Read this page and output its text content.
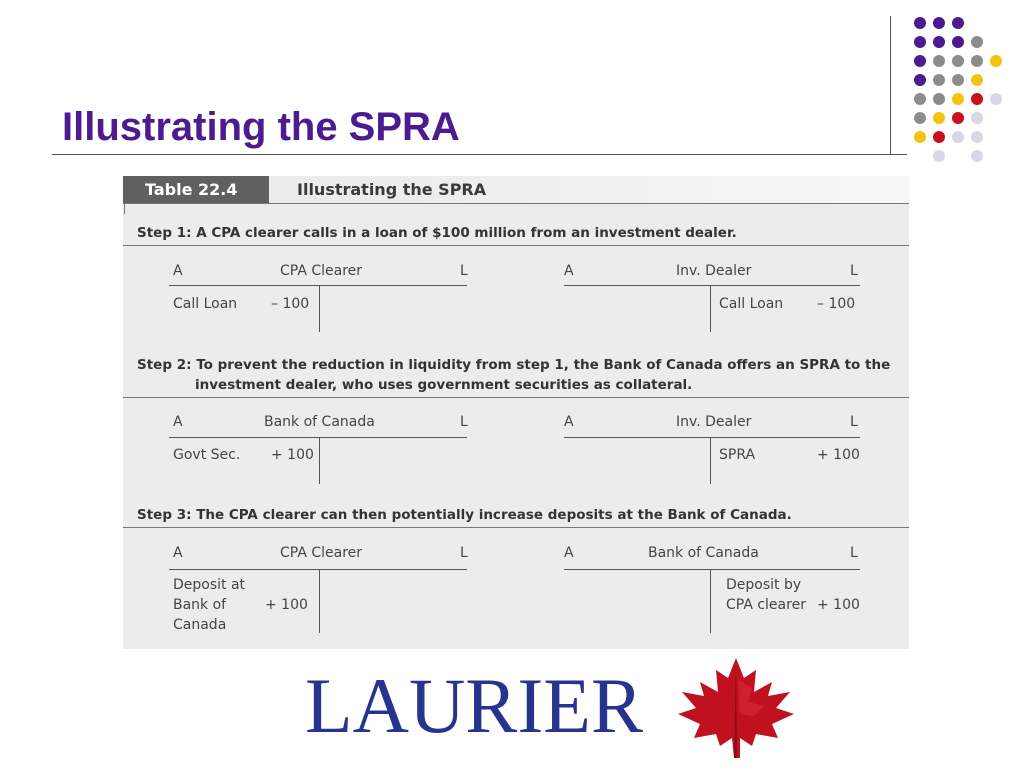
Illustrating the SPRA
Table 22.4	Illustrating the SPRA

Step 1: A CPA clearer calls in a loan of $100 million from an investment dealer.

A	CPA Clearer	L
Call Loan – 100
A	Inv. Dealer	L
Call Loan – 100

Step 2: To prevent the reduction in liquidity from step 1, the Bank of Canada offers an SPRA to the
investment dealer, who uses government securities as collateral.

A	Bank of Canada	L
Govt Sec. + 100
A	Inv. Dealer	L
SPRA	+ 100

Step 3: The CPA clearer can then potentially increase deposits at the Bank of Canada.

A	CPA Clearer	L
Deposit at Bank of Canada
+ 100
A	Bank of Canada	L
Deposit by CPA clearer + 100
LAURIER
